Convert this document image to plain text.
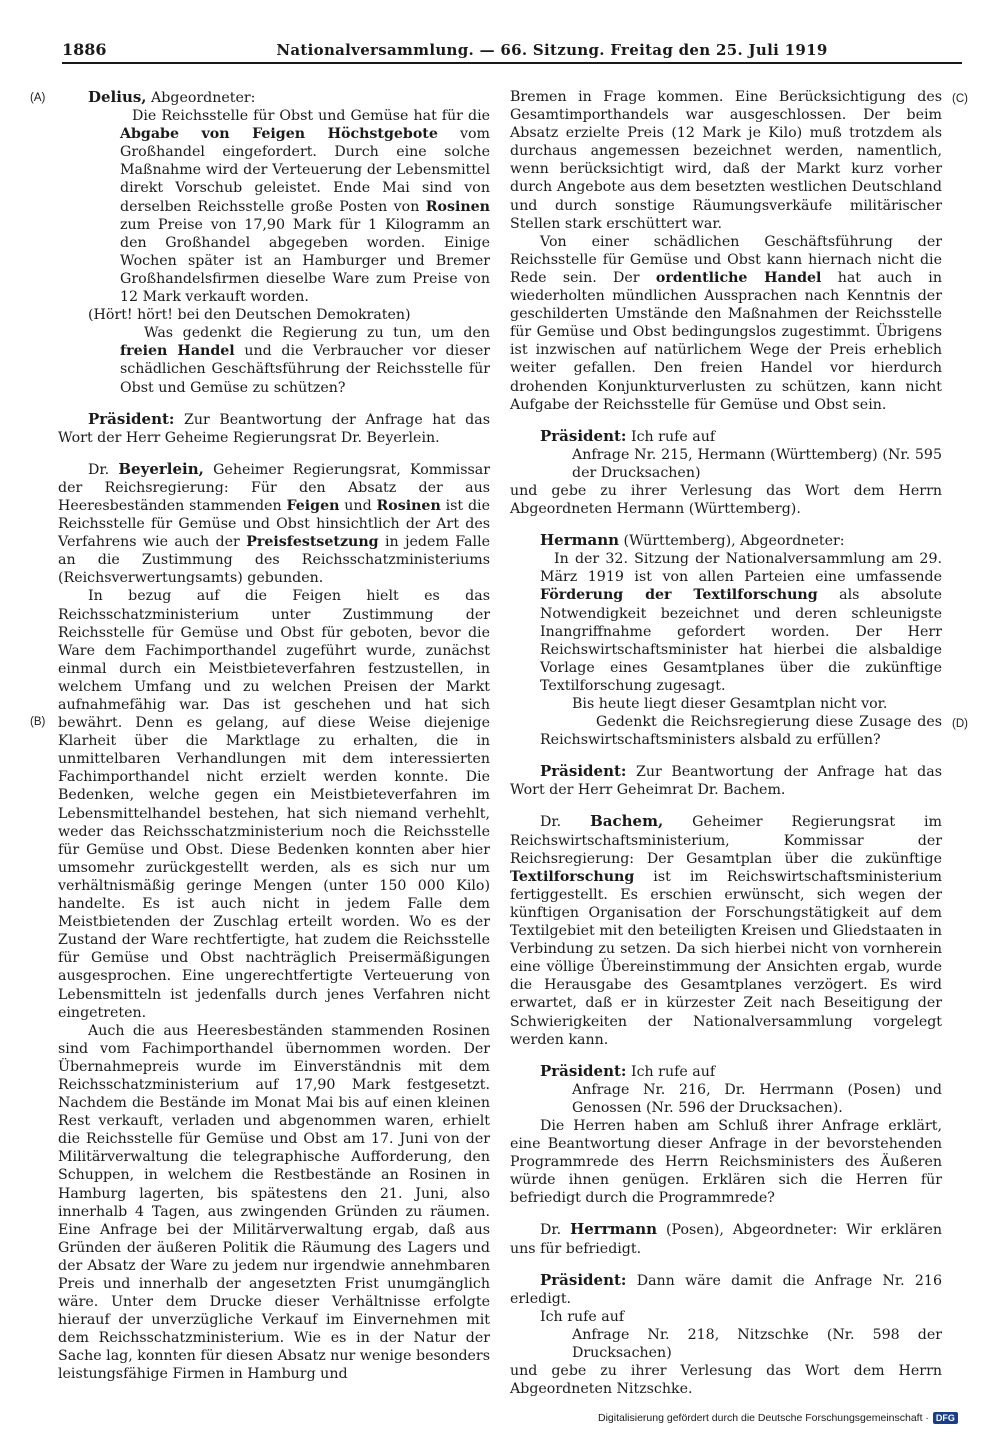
1886	Nationalversammlung. — 66. Sitzung. Freitag den 25. Juli 1919
(A)
(B)
(C)
(D)

Delius, Abgeordneter:

Die Reichsstelle für Obst und Gemüse hat für die Abgabe von Feigen Höchstgebote vom Großhandel eingefordert. Durch eine solche Maßnahme wird der Verteuerung der Lebensmittel direkt Vorschub geleistet. Ende Mai sind von derselben Reichsstelle große Posten von Rosinen zum Preise von 17,90 Mark für 1 Kilogramm an den Großhandel abgegeben worden. Einige Wochen später ist an Hamburger und Bremer Großhandelsfirmen dieselbe Ware zum Preise von 12 Mark verkauft worden.

(Hört! hört! bei den Deutschen Demokraten)

Was gedenkt die Regierung zu tun, um den freien Handel und die Verbraucher vor dieser schädlichen Geschäftsführung der Reichsstelle für Obst und Gemüse zu schützen?

Präsident: Zur Beantwortung der Anfrage hat das Wort der Herr Geheime Regierungsrat Dr. Beyerlein.

Dr. Beyerlein, Geheimer Regierungsrat, Kommissar der Reichsregierung: Für den Absatz der aus Heeresbeständen stammenden Feigen und Rosinen ist die Reichsstelle für Gemüse und Obst hinsichtlich der Art des Verfahrens wie auch der Preisfestsetzung in jedem Falle an die Zustimmung des Reichsschatzministeriums (Reichsverwertungsamts) gebunden.

In bezug auf die Feigen hielt es das Reichsschatzministerium unter Zustimmung der Reichsstelle für Gemüse und Obst für geboten, bevor die Ware dem Fachimporthandel zugeführt wurde, zunächst einmal durch ein Meistbieteverfahren festzustellen, in welchem Umfang und zu welchen Preisen der Markt aufnahmefähig war. Das ist geschehen und hat sich bewährt. Denn es gelang, auf diese Weise diejenige Klarheit über die Marktlage zu erhalten, die in unmittelbaren Verhandlungen mit dem interessierten Fachimporthandel nicht erzielt werden konnte. Die Bedenken, welche gegen ein Meistbieteverfahren im Lebensmittelhandel bestehen, hat sich niemand verhehlt, weder das Reichsschatzministerium noch die Reichsstelle für Gemüse und Obst. Diese Bedenken konnten aber hier umsomehr zurückgestellt werden, als es sich nur um verhältnismäßig geringe Mengen (unter 150 000 Kilo) handelte. Es ist auch nicht in jedem Falle dem Meistbietenden der Zuschlag erteilt worden. Wo es der Zustand der Ware rechtfertigte, hat zudem die Reichsstelle für Gemüse und Obst nachträglich Preisermäßigungen ausgesprochen. Eine ungerechtfertigte Verteuerung von Lebensmitteln ist jedenfalls durch jenes Verfahren nicht eingetreten.

Auch die aus Heeresbeständen stammenden Rosinen sind vom Fachimporthandel übernommen worden. Der Übernahmepreis wurde im Einverständnis mit dem Reichsschatzministerium auf 17,90 Mark festgesetzt. Nachdem die Bestände im Monat Mai bis auf einen kleinen Rest verkauft, verladen und abgenommen waren, erhielt die Reichsstelle für Gemüse und Obst am 17. Juni von der Militärverwaltung die telegraphische Aufforderung, den Schuppen, in welchem die Restbestände an Rosinen in Hamburg lagerten, bis spätestens den 21. Juni, also innerhalb 4 Tagen, aus zwingenden Gründen zu räumen. Eine Anfrage bei der Militärverwaltung ergab, daß aus Gründen der äußeren Politik die Räumung des Lagers und der Absatz der Ware zu jedem nur irgendwie annehmbaren Preis und innerhalb der angesetzten Frist unumgänglich wäre. Unter dem Drucke dieser Verhältnisse erfolgte hierauf der unverzügliche Verkauf im Einvernehmen mit dem Reichsschatzministerium. Wie es in der Natur der Sache lag, konnten für diesen Absatz nur wenige besonders leistungsfähige Firmen in Hamburg und

Bremen in Frage kommen. Eine Berücksichtigung des Gesamtimporthandels war ausgeschlossen. Der beim Absatz erzielte Preis (12 Mark je Kilo) muß trotzdem als durchaus angemessen bezeichnet werden, namentlich, wenn berücksichtigt wird, daß der Markt kurz vorher durch Angebote aus dem besetzten westlichen Deutschland und durch sonstige Räumungsverkäufe militärischer Stellen stark erschüttert war.

Von einer schädlichen Geschäftsführung der Reichsstelle für Gemüse und Obst kann hiernach nicht die Rede sein. Der ordentliche Handel hat auch in wiederholten mündlichen Aussprachen nach Kenntnis der geschilderten Umstände den Maßnahmen der Reichsstelle für Gemüse und Obst bedingungslos zugestimmt. Übrigens ist inzwischen auf natürlichem Wege der Preis erheblich weiter gefallen. Den freien Handel vor hierdurch drohenden Konjunkturverlusten zu schützen, kann nicht Aufgabe der Reichsstelle für Gemüse und Obst sein.

Präsident: Ich rufe auf

Anfrage Nr. 215, Hermann (Württemberg) (Nr. 595 der Drucksachen)

und gebe zu ihrer Verlesung das Wort dem Herrn Abgeordneten Hermann (Württemberg).

Hermann (Württemberg), Abgeordneter:

In der 32. Sitzung der Nationalversammlung am 29. März 1919 ist von allen Parteien eine umfassende Förderung der Textilforschung als absolute Notwendigkeit bezeichnet und deren schleunigste Inangriffnahme gefordert worden. Der Herr Reichswirtschaftsminister hat hierbei die alsbaldige Vorlage eines Gesamtplanes über die zukünftige Textilforschung zugesagt.

Bis heute liegt dieser Gesamtplan nicht vor.

Gedenkt die Reichsregierung diese Zusage des Reichswirtschaftsministers alsbald zu erfüllen?

Präsident: Zur Beantwortung der Anfrage hat das Wort der Herr Geheimrat Dr. Bachem.

Dr. Bachem, Geheimer Regierungsrat im Reichswirtschaftsministerium, Kommissar der Reichsregierung: Der Gesamtplan über die zukünftige Textilforschung ist im Reichswirtschaftsministerium fertiggestellt. Es erschien erwünscht, sich wegen der künftigen Organisation der Forschungstätigkeit auf dem Textilgebiet mit den beteiligten Kreisen und Gliedstaaten in Verbindung zu setzen. Da sich hierbei nicht von vornherein eine völlige Übereinstimmung der Ansichten ergab, wurde die Herausgabe des Gesamtplanes verzögert. Es wird erwartet, daß er in kürzester Zeit nach Beseitigung der Schwierigkeiten der Nationalversammlung vorgelegt werden kann.

Präsident: Ich rufe auf

Anfrage Nr. 216, Dr. Herrmann (Posen) und Genossen (Nr. 596 der Drucksachen).

Die Herren haben am Schluß ihrer Anfrage erklärt, eine Beantwortung dieser Anfrage in der bevorstehenden Programmrede des Herrn Reichsministers des Äußeren würde ihnen genügen. Erklären sich die Herren für befriedigt durch die Programmrede?

Dr. Herrmann (Posen), Abgeordneter: Wir erklären uns für befriedigt.

Präsident: Dann wäre damit die Anfrage Nr. 216 erledigt.

Ich rufe auf

Anfrage Nr. 218, Nitzschke (Nr. 598 der Drucksachen)

und gebe zu ihrer Verlesung das Wort dem Herrn Abgeordneten Nitzschke.

Digitalisierung gefördert durch die Deutsche Forschungsgemeinschaft · DFG
